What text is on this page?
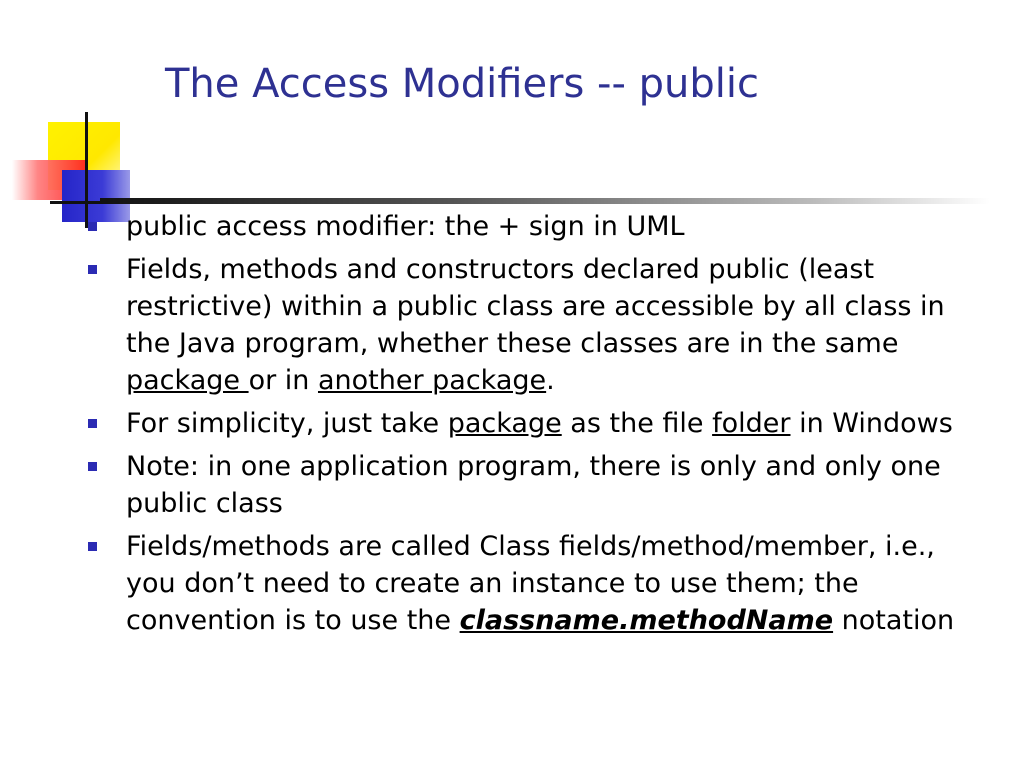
The Access Modifiers -- public
public access modifier: the + sign in UML
Fields, methods and constructors declared public (least restrictive) within a public class are accessible by all class in the Java program, whether these classes are in the same package or in another package.
For simplicity, just take package as the file folder in Windows
Note: in one application program, there is only and only one public class
Fields/methods are called Class fields/method/member, i.e., you don’t need to create an instance to use them; the convention is to use the classname.methodName notation
